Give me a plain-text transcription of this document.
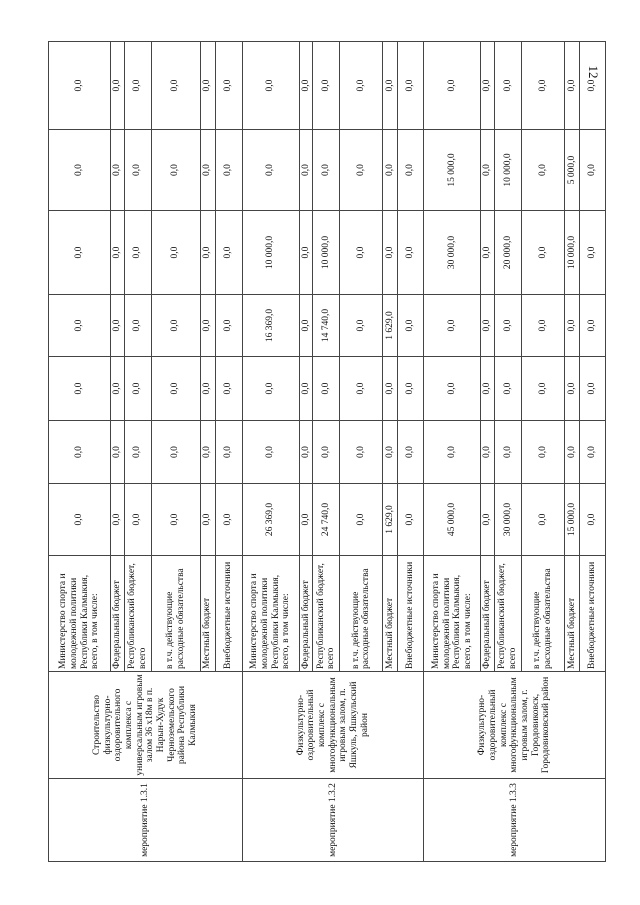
12
мероприятие 1.3.1	Строительство физкультурно-оздоровительного комплекса с универсальным игровым залом 36 х18м в п. Нарын-Худук Черноземельского района Республики Калмыкия	Министерство спорта и молодежной политики Республики Калмыкия, всего, в том числе:	0,0	0,0	0,0	0,0	0,0	0,0	0,0
		Федеральный бюджет	0,0	0,0	0,0	0,0	0,0	0,0	0,0
		Республиканский бюджет, всего	0,0	0,0	0,0	0,0	0,0	0,0	0,0
		в т.ч. действующие расходные обязательства	0,0	0,0	0,0	0,0	0,0	0,0	0,0
		Местный бюджет	0,0	0,0	0,0	0,0	0,0	0,0	0,0
		Внебюджетные источники	0,0	0,0	0,0	0,0	0,0	0,0	0,0
мероприятие 1.3.2	Физкультурно-оздоровительный комплекс с многофункциональным игровым залом, п. Яшкуль, Яшкульский район	Министерство спорта и молодежной политики Республики Калмыкия, всего, в том числе:	26 369,0	0,0	0,0	16 369,0	10 000,0	0,0	0,0
		Федеральный бюджет	0,0	0,0	0,0	0,0	0,0	0,0	0,0
		Республиканский бюджет, всего	24 740,0	0,0	0,0	14 740,0	10 000,0	0,0	0,0
		в т.ч. действующие расходные обязательства	0,0	0,0	0,0	0,0	0,0	0,0	0,0
		Местный бюджет	1 629,0	0,0	0,0	1 629,0	0,0	0,0	0,0
		Внебюджетные источники	0,0	0,0	0,0	0,0	0,0	0,0	0,0
мероприятие 1.3.3	Физкультурно-оздоровительный комплекс с многофункциональным игровым залом, г. Городовиковск, Городовиковский район	Министерство спорта и молодежной политики Республики Калмыкия, всего, в том числе:	45 000,0	0,0	0,0	0,0	30 000,0	15 000,0	0,0
		Федеральный бюджет	0,0	0,0	0,0	0,0	0,0	0,0	0,0
		Республиканский бюджет, всего	30 000,0	0,0	0,0	0,0	20 000,0	10 000,0	0,0
		в т.ч. действующие расходные обязательства	0,0	0,0	0,0	0,0	0,0	0,0	0,0
		Местный бюджет	15 000,0	0,0	0,0	0,0	10 000,0	5 000,0	0,0
		Внебюджетные источники	0,0	0,0	0,0	0,0	0,0	0,0	0,0
